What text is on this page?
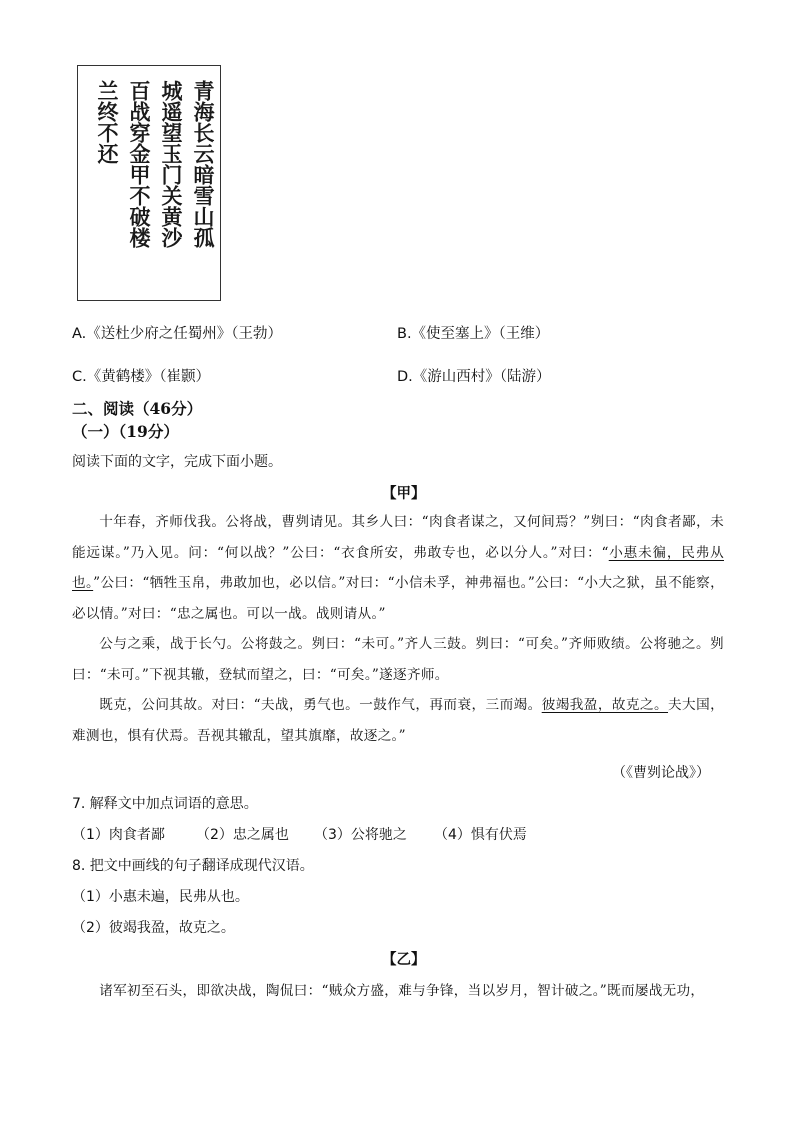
青海长云暗雪山孤
城遥望玉门关黄沙
百战穿金甲不破楼
兰终不还
A.《送杜少府之任蜀州》（王勃）	B.《使至塞上》（王维）
C.《黄鹤楼》（崔颢）	D.《游山西村》（陆游）
二、阅读（46分）
（一）（19分）
阅读下面的文字，完成下面小题。
【甲】

十年春，齐师伐我。公将战，曹刿请见。其乡人曰：“肉食者谋之，又何间焉？”刿曰：“肉食者鄙，未能远谋。”乃入见。问：“何以战？”公曰：“衣食所安，弗敢专也，必以分人。”对曰：“小惠未徧，民弗从也。”公曰：“牺牲玉帛，弗敢加也，必以信。”对曰：“小信未孚，神弗福也。”公曰：“小大之狱，虽不能察，必以情。”对曰：“忠之属也。可以一战。战则请从。”

公与之乘，战于长勺。公将鼓之。刿曰：“未可。”齐人三鼓。刿曰：“可矣。”齐师败绩。公将驰之。刿曰：“未可。”下视其辙，登轼而望之，曰：“可矣。”遂逐齐师。

既克，公问其故。对曰：“夫战，勇气也。一鼓作气，再而衰，三而竭。彼竭我盈，故克之。夫大国，难测也，惧有伏焉。吾视其辙乱，望其旗靡，故逐之。”

（《曹刿论战》）
7. 解释文中加点词语的意思。
（1）肉食者鄙 （2）忠之属也 （3）公将驰之 （4）惧有伏焉
8. 把文中画线的句子翻译成现代汉语。
（1）小惠未遍，民弗从也。
（2）彼竭我盈，故克之。
【乙】

诸军初至石头，即欲决战，陶侃曰：“贼众方盛，难与争锋，当以岁月，智计破之。”既而屡战无功，
